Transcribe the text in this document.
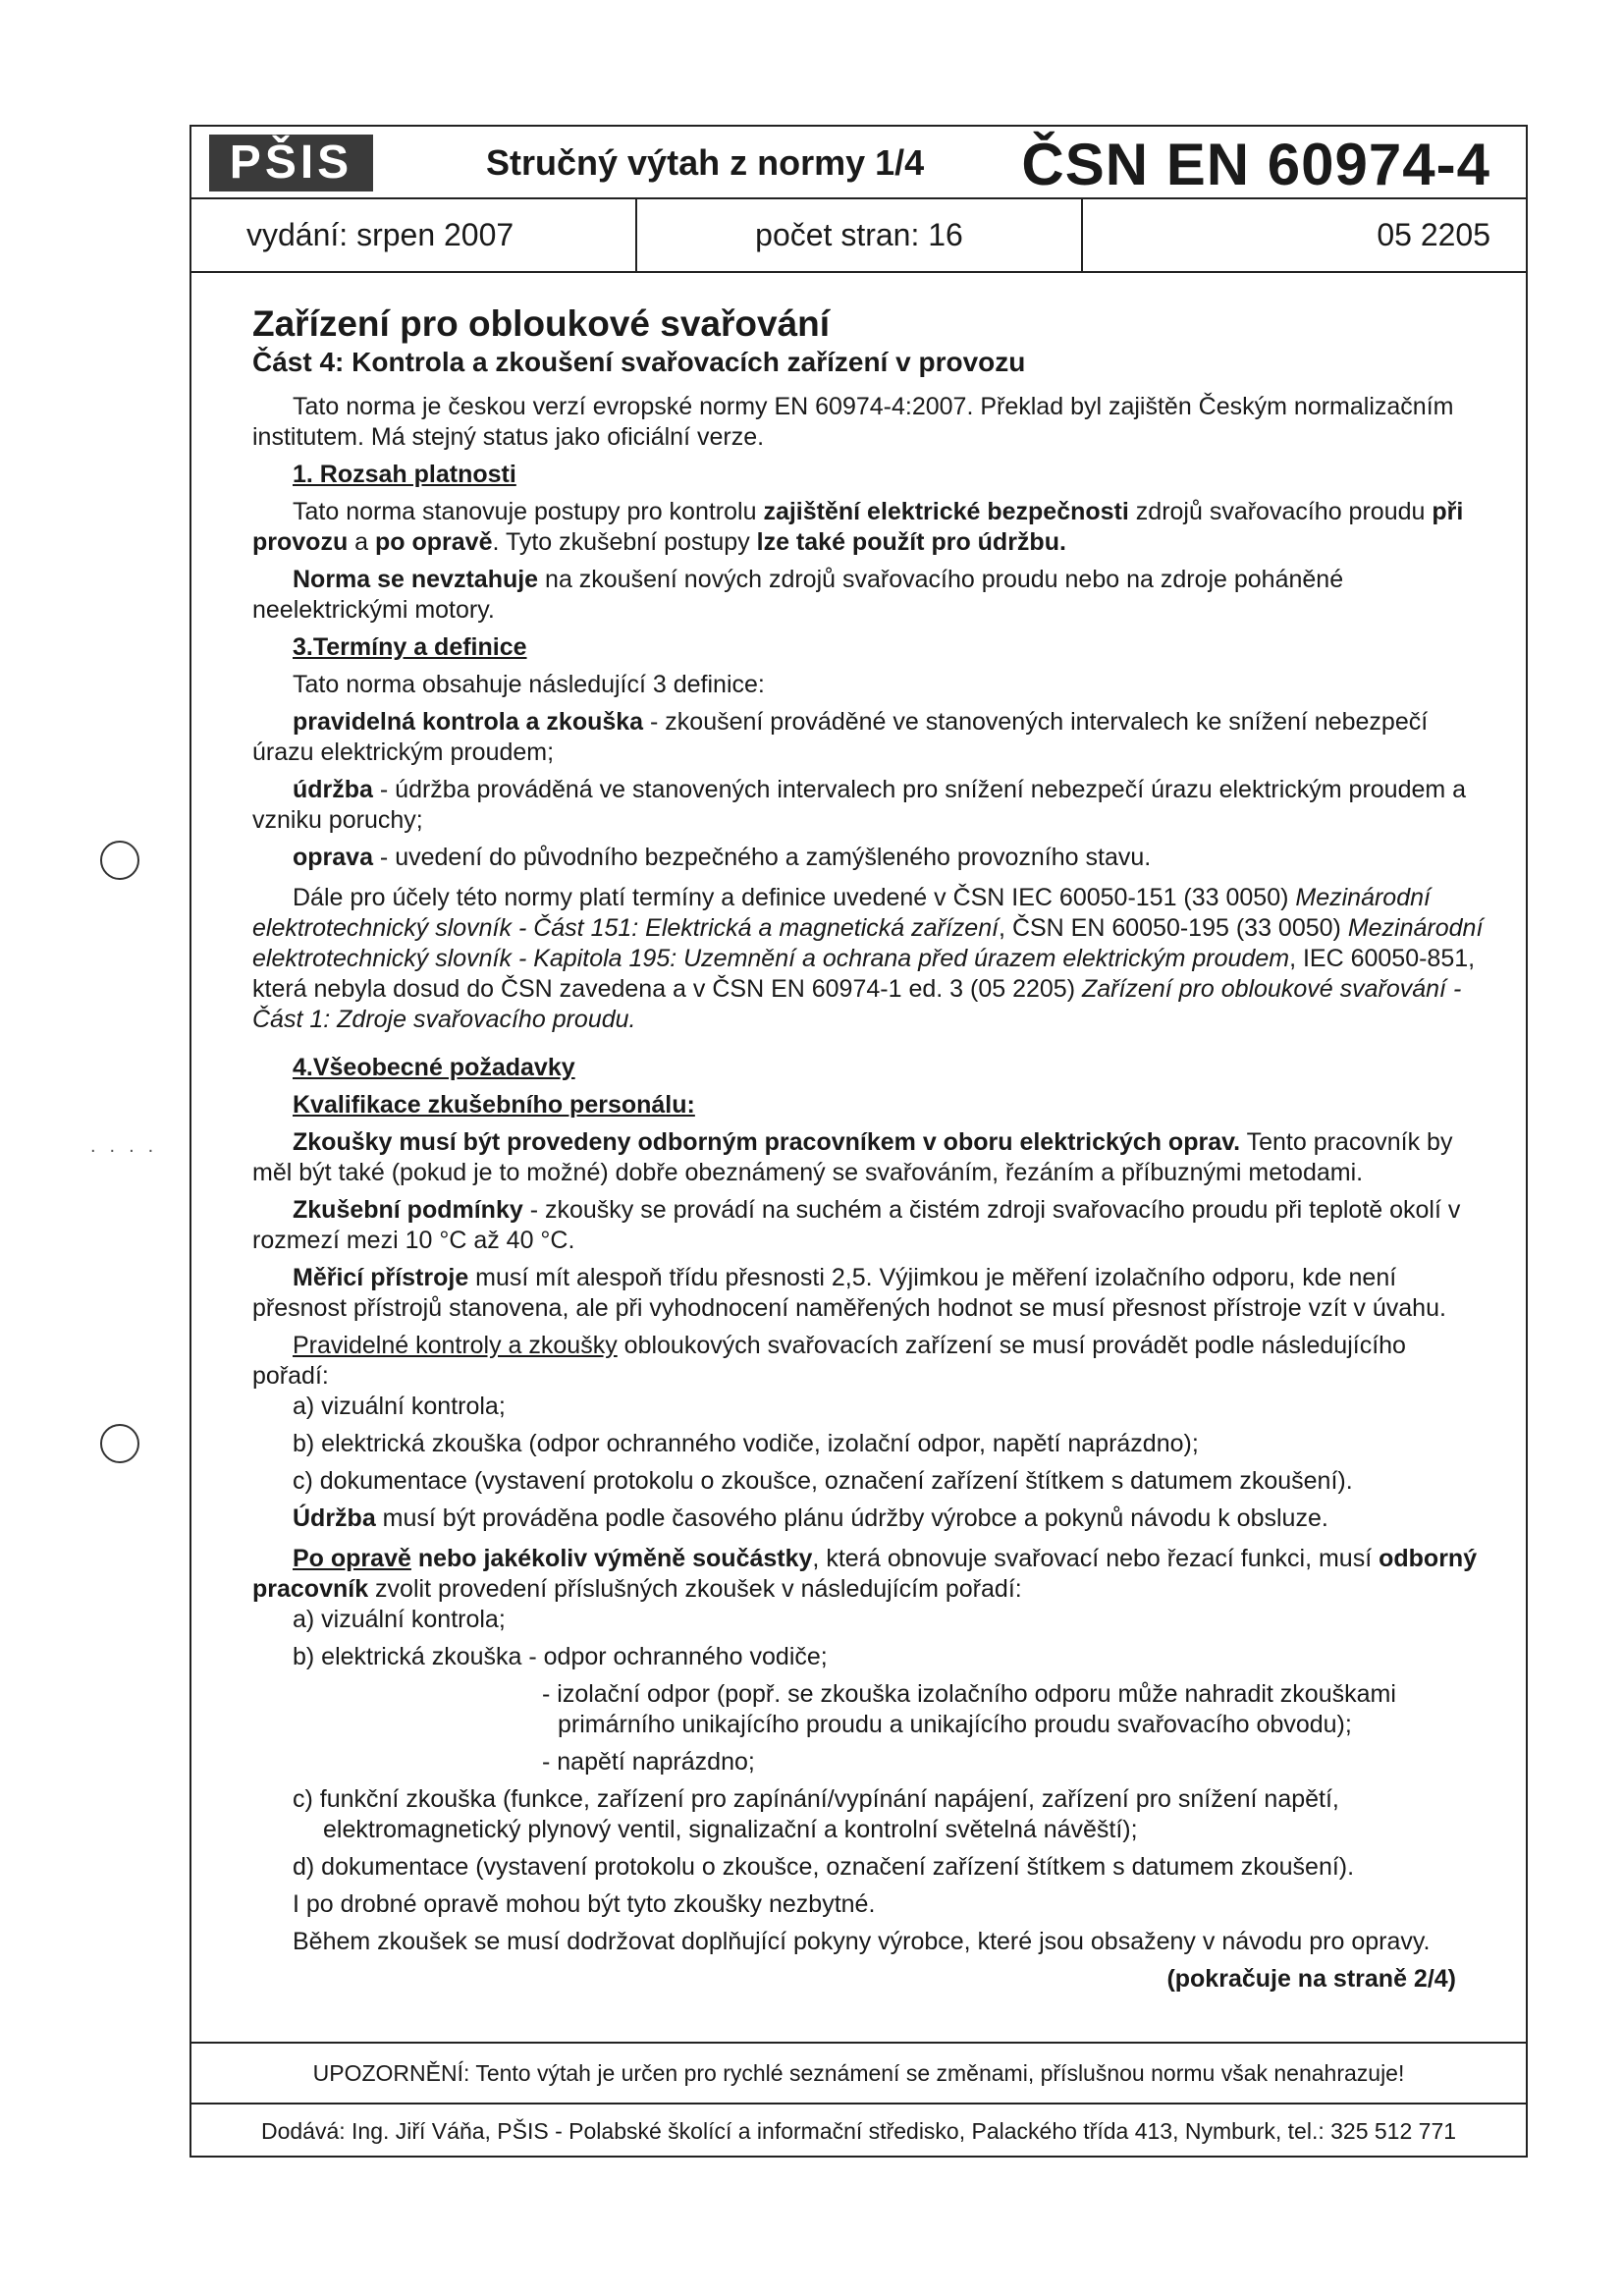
....
PŠIS	Stručný výtah z normy 1/4 ČSN EN 60974-4
vydání: srpen 2007	počet stran: 16	05 2205
Zařízení pro obloukové svařování
Část 4: Kontrola a zkoušení svařovacích zařízení v provozu

Tato norma je českou verzí evropské normy EN 60974-4:2007. Překlad byl zajištěn Českým normalizačním institutem. Má stejný status jako oficiální verze.

1. Rozsah platnosti

Tato norma stanovuje postupy pro kontrolu zajištění elektrické bezpečnosti zdrojů svařovacího proudu při provozu a po opravě. Tyto zkušební postupy lze také použít pro údržbu.

Norma se nevztahuje na zkoušení nových zdrojů svařovacího proudu nebo na zdroje poháněné neelektrickými motory.

3.Termíny a definice

Tato norma obsahuje následující 3 definice:

pravidelná kontrola a zkouška - zkoušení prováděné ve stanovených intervalech ke snížení nebezpečí úrazu elektrickým proudem;

údržba - údržba prováděná ve stanovených intervalech pro snížení nebezpečí úrazu elektrickým proudem a vzniku poruchy;

oprava - uvedení do původního bezpečného a zamýšleného provozního stavu.

Dále pro účely této normy platí termíny a definice uvedené v ČSN IEC 60050-151 (33 0050) Mezinárodní elektrotechnický slovník - Část 151: Elektrická a magnetická zařízení, ČSN EN 60050-195 (33 0050) Mezinárodní elektrotechnický slovník - Kapitola 195: Uzemnění a ochrana před úrazem elektrickým proudem, IEC 60050-851, která nebyla dosud do ČSN zavedena a v ČSN EN 60974-1 ed. 3 (05 2205) Zařízení pro obloukové svařování - Část 1: Zdroje svařovacího proudu.

4.Všeobecné požadavky

Kvalifikace zkušebního personálu:

Zkoušky musí být provedeny odborným pracovníkem v oboru elektrických oprav. Tento pracovník by měl být také (pokud je to možné) dobře obeznámený se svařováním, řezáním a příbuznými metodami.

Zkušební podmínky - zkoušky se provádí na suchém a čistém zdroji svařovacího proudu při teplotě okolí v rozmezí mezi 10 °C až 40 °C.

Měřicí přístroje musí mít alespoň třídu přesnosti 2,5. Výjimkou je měření izolačního odporu, kde není přesnost přístrojů stanovena, ale při vyhodnocení naměřených hodnot se musí přesnost přístroje vzít v úvahu.

Pravidelné kontroly a zkoušky obloukových svařovacích zařízení se musí provádět podle následujícího pořadí:

a) vizuální kontrola;

b) elektrická zkouška (odpor ochranného vodiče, izolační odpor, napětí naprázdno);

c) dokumentace (vystavení protokolu o zkoušce, označení zařízení štítkem s datumem zkoušení).

Údržba musí být prováděna podle časového plánu údržby výrobce a pokynů návodu k obsluze.

Po opravě nebo jakékoliv výměně součástky, která obnovuje svařovací nebo řezací funkci, musí odborný pracovník zvolit provedení příslušných zkoušek v následujícím pořadí:

a) vizuální kontrola;

b) elektrická zkouška - odpor ochranného vodiče;

- izolační odpor (popř. se zkouška izolačního odporu může nahradit zkouškami primárního unikajícího proudu a unikajícího proudu svařovacího obvodu);

- napětí naprázdno;

c) funkční zkouška (funkce, zařízení pro zapínání/vypínání napájení, zařízení pro snížení napětí, elektromagnetický plynový ventil, signalizační a kontrolní světelná návěští);

d) dokumentace (vystavení protokolu o zkoušce, označení zařízení štítkem s datumem zkoušení).

I po drobné opravě mohou být tyto zkoušky nezbytné.

Během zkoušek se musí dodržovat doplňující pokyny výrobce, které jsou obsaženy v návodu pro opravy.

(pokračuje na straně 2/4)

UPOZORNĚNÍ: Tento výtah je určen pro rychlé seznámení se změnami, příslušnou normu však nenahrazuje!
Dodává: Ing. Jiří Váňa, PŠIS - Polabské školící a informační středisko, Palackého třída 413, Nymburk, tel.: 325 512 771
